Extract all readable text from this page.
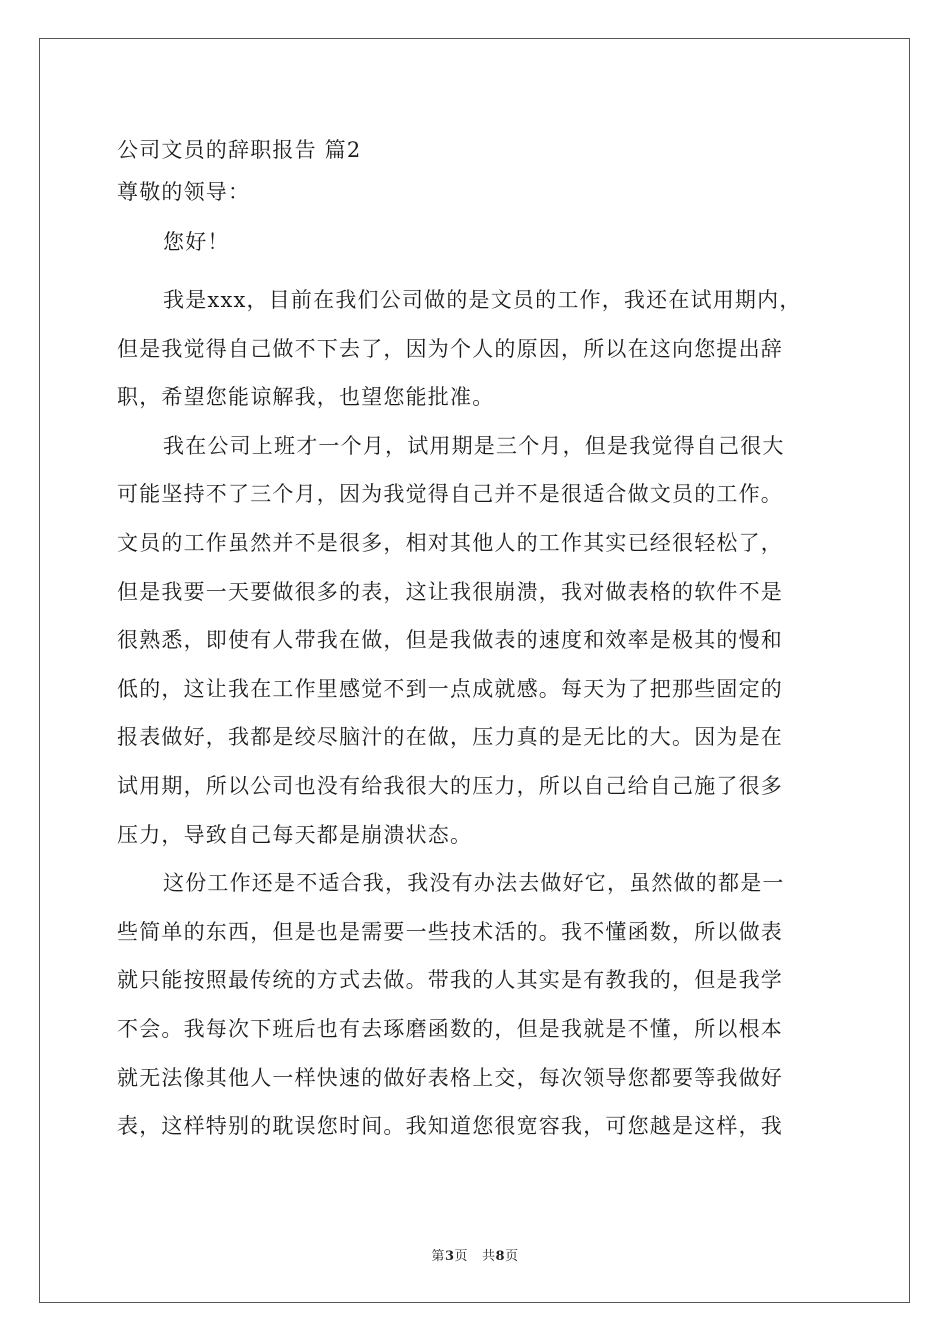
公司文员的辞职报告 篇2
尊敬的领导：
您好！
我是xxx，目前在我们公司做的是文员的工作，我还在试用期内，
但是我觉得自己做不下去了，因为个人的原因，所以在这向您提出辞
职，希望您能谅解我，也望您能批准。
我在公司上班才一个月，试用期是三个月，但是我觉得自己很大
可能坚持不了三个月，因为我觉得自己并不是很适合做文员的工作。
文员的工作虽然并不是很多，相对其他人的工作其实已经很轻松了，
但是我要一天要做很多的表，这让我很崩溃，我对做表格的软件不是
很熟悉，即使有人带我在做，但是我做表的速度和效率是极其的慢和
低的，这让我在工作里感觉不到一点成就感。每天为了把那些固定的
报表做好，我都是绞尽脑汁的在做，压力真的是无比的大。因为是在
试用期，所以公司也没有给我很大的压力，所以自己给自己施了很多
压力，导致自己每天都是崩溃状态。
这份工作还是不适合我，我没有办法去做好它，虽然做的都是一
些简单的东西，但是也是需要一些技术活的。我不懂函数，所以做表
就只能按照最传统的方式去做。带我的人其实是有教我的，但是我学
不会。我每次下班后也有去琢磨函数的，但是我就是不懂，所以根本
就无法像其他人一样快速的做好表格上交，每次领导您都要等我做好
表，这样特别的耽误您时间。我知道您很宽容我，可您越是这样，我
第3页 共8页
